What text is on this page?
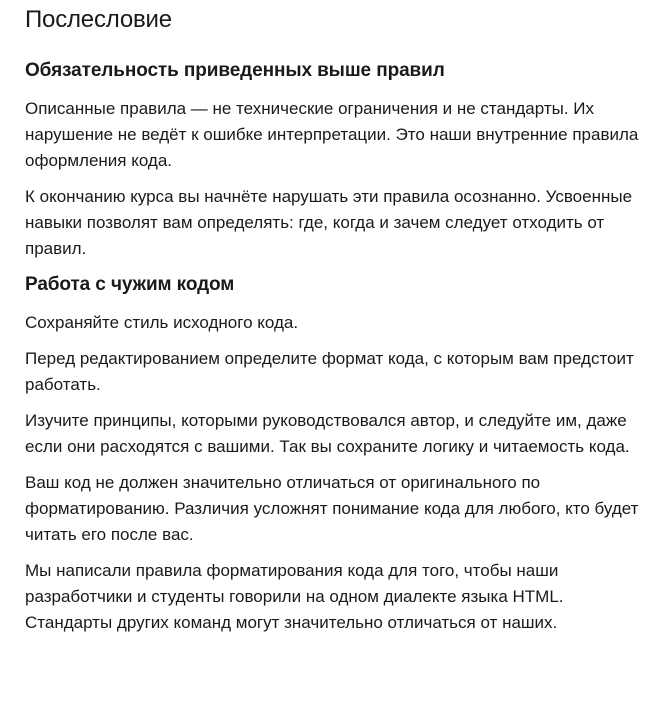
Послесловие
Обязательность приведенных выше правил

Описанные правила — не технические ограничения и не стандарты. Их нарушение не ведёт к ошибке интерпретации. Это наши внутренние правила оформления кода.

К окончанию курса вы начнёте нарушать эти правила осознанно. Усвоенные навыки позволят вам определять: где, когда и зачем следует отходить от правил.

Работа с чужим кодом

Сохраняйте стиль исходного кода.

Перед редактированием определите формат кода, с которым вам предстоит работать.

Изучите принципы, которыми руководствовался автор, и следуйте им, даже если они расходятся с вашими. Так вы сохраните логику и читаемость кода.

Ваш код не должен значительно отличаться от оригинального по форматированию. Различия усложнят понимание кода для любого, кто будет читать его после вас.

Мы написали правила форматирования кода для того, чтобы наши разработчики и студенты говорили на одном диалекте языка HTML. Стандарты других команд могут значительно отличаться от наших.
